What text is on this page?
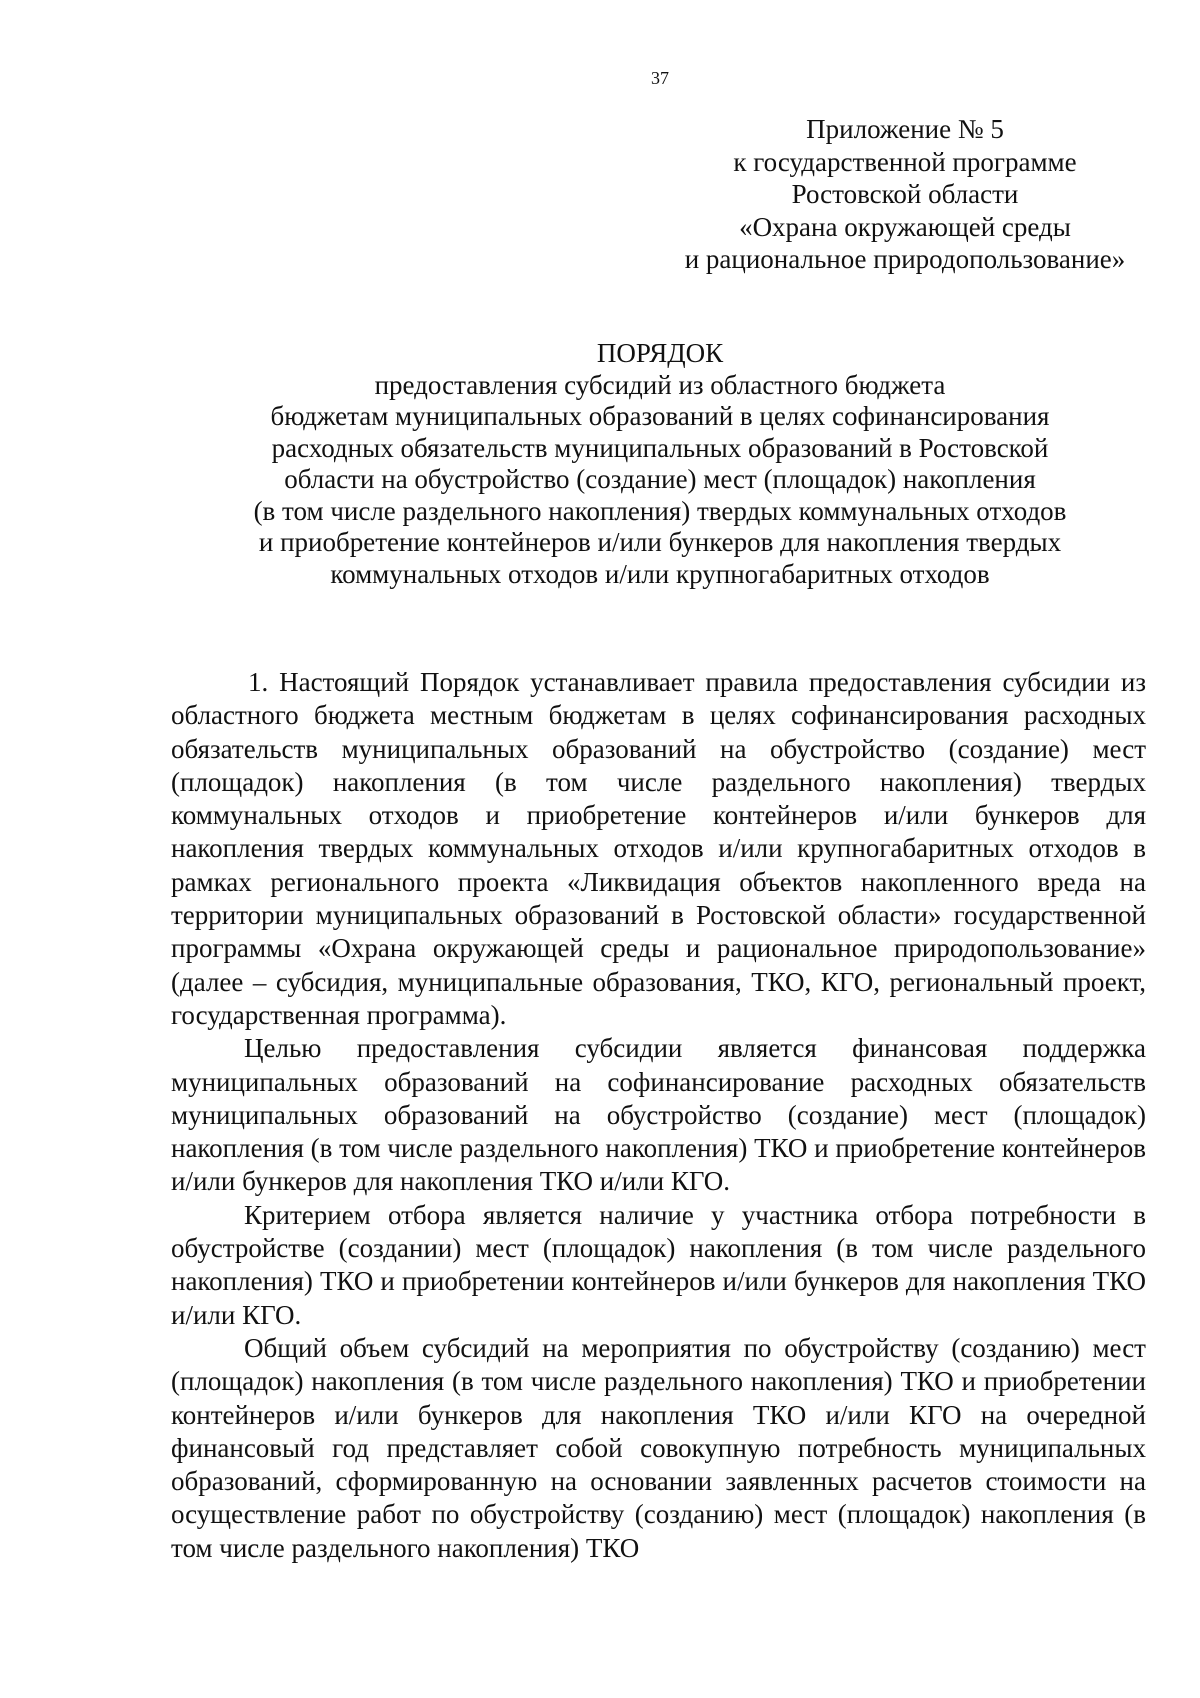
37
Приложение № 5
к государственной программе
Ростовской области
«Охрана окружающей среды
и рациональное природопользование»
ПОРЯДОК
предоставления субсидий из областного бюджета
бюджетам муниципальных образований в целях софинансирования
расходных обязательств муниципальных образований в Ростовской
области на обустройство (создание) мест (площадок) накопления
(в том числе раздельного накопления) твердых коммунальных отходов
и приобретение контейнеров и/или бункеров для накопления твердых
коммунальных отходов и/или крупногабаритных отходов

1. Настоящий Порядок устанавливает правила предоставления субсидии из областного бюджета местным бюджетам в целях софинансирования расходных обязательств муниципальных образований на обустройство (создание) мест (площадок) накопления (в том числе раздельного накопления) твердых коммунальных отходов и приобретение контейнеров и/или бункеров для накопления твердых коммунальных отходов и/или крупногабаритных отходов в рамках регионального проекта «Ликвидация объектов накопленного вреда на территории муниципальных образований в Ростовской области» государственной программы «Охрана окружающей среды и рациональное природопользование» (далее – субсидия, муниципальные образования, ТКО, КГО, региональный проект, государственная программа).

Целью предоставления субсидии является финансовая поддержка муниципальных образований на софинансирование расходных обязательств муниципальных образований на обустройство (создание) мест (площадок) накопления (в том числе раздельного накопления) ТКО и приобретение контейнеров и/или бункеров для накопления ТКО и/или КГО.

Критерием отбора является наличие у участника отбора потребности в обустройстве (создании) мест (площадок) накопления (в том числе раздельного накопления) ТКО и приобретении контейнеров и/или бункеров для накопления ТКО и/или КГО.

Общий объем субсидий на мероприятия по обустройству (созданию) мест (площадок) накопления (в том числе раздельного накопления) ТКО и приобретении контейнеров и/или бункеров для накопления ТКО и/или КГО на очередной финансовый год представляет собой совокупную потребность муниципальных образований, сформированную на основании заявленных расчетов стоимости на осуществление работ по обустройству (созданию) мест (площадок) накопления (в том числе раздельного накопления) ТКО
